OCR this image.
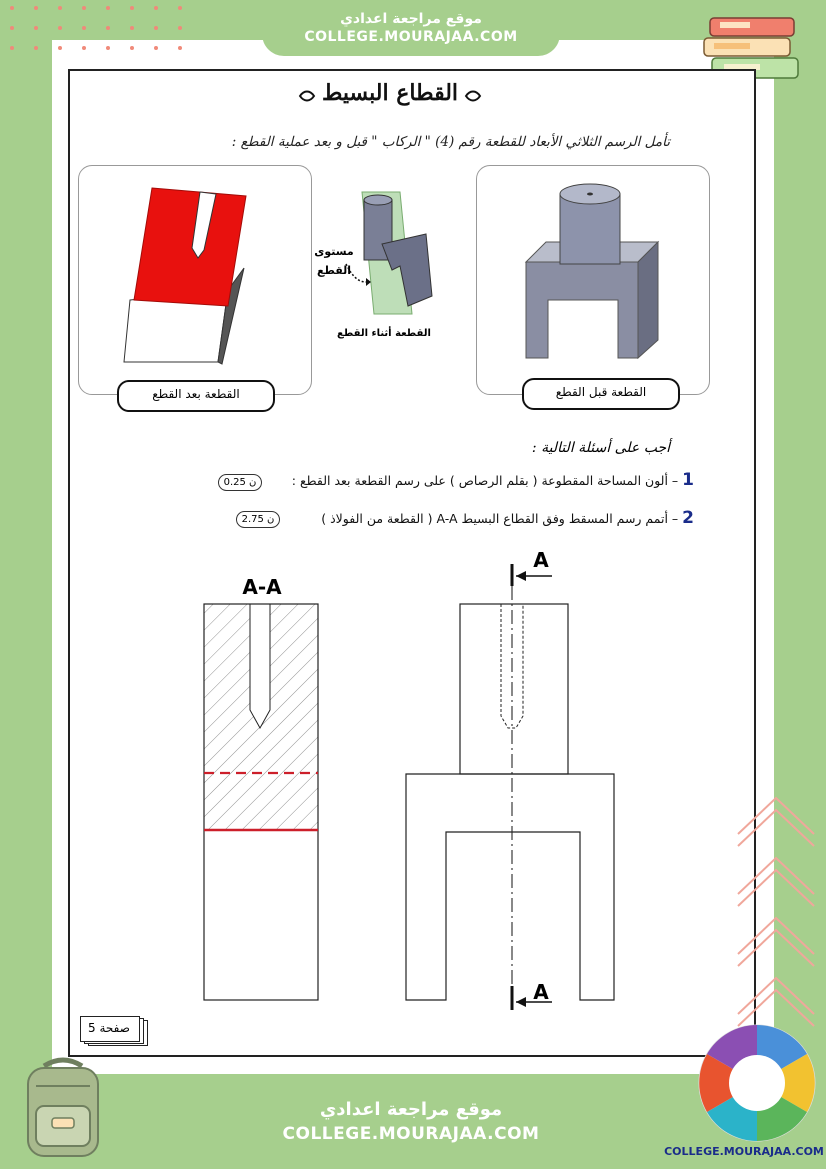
موقع مراجعة اعدادي
COLLEGE.MOURAJAA.COM
القطاع البسيط
تأمل الرسم الثلاثي الأبعاد للقطعة رقم (4) " الركاب " قبل و بعد عملية القطع :
القطعة بعد القطع
مستوى
القطع
القطعة أثناء القطع
القطعة قبل القطع
أجب على أسئلة التالية :
1 – ألون المساحة المقطوعة ( بقلم الرصاص ) على رسم القطعة بعد القطع :
0.25 ن
2 – أتمم رسم المسقط وفق القطاع البسيط A-A ( القطعة من الفولاذ )
2.75 ن
A-A
A
A
صفحة 5
موقع مراجعة اعدادي
COLLEGE.MOURAJAA.COM
COLLEGE.MOURAJAA.COM
